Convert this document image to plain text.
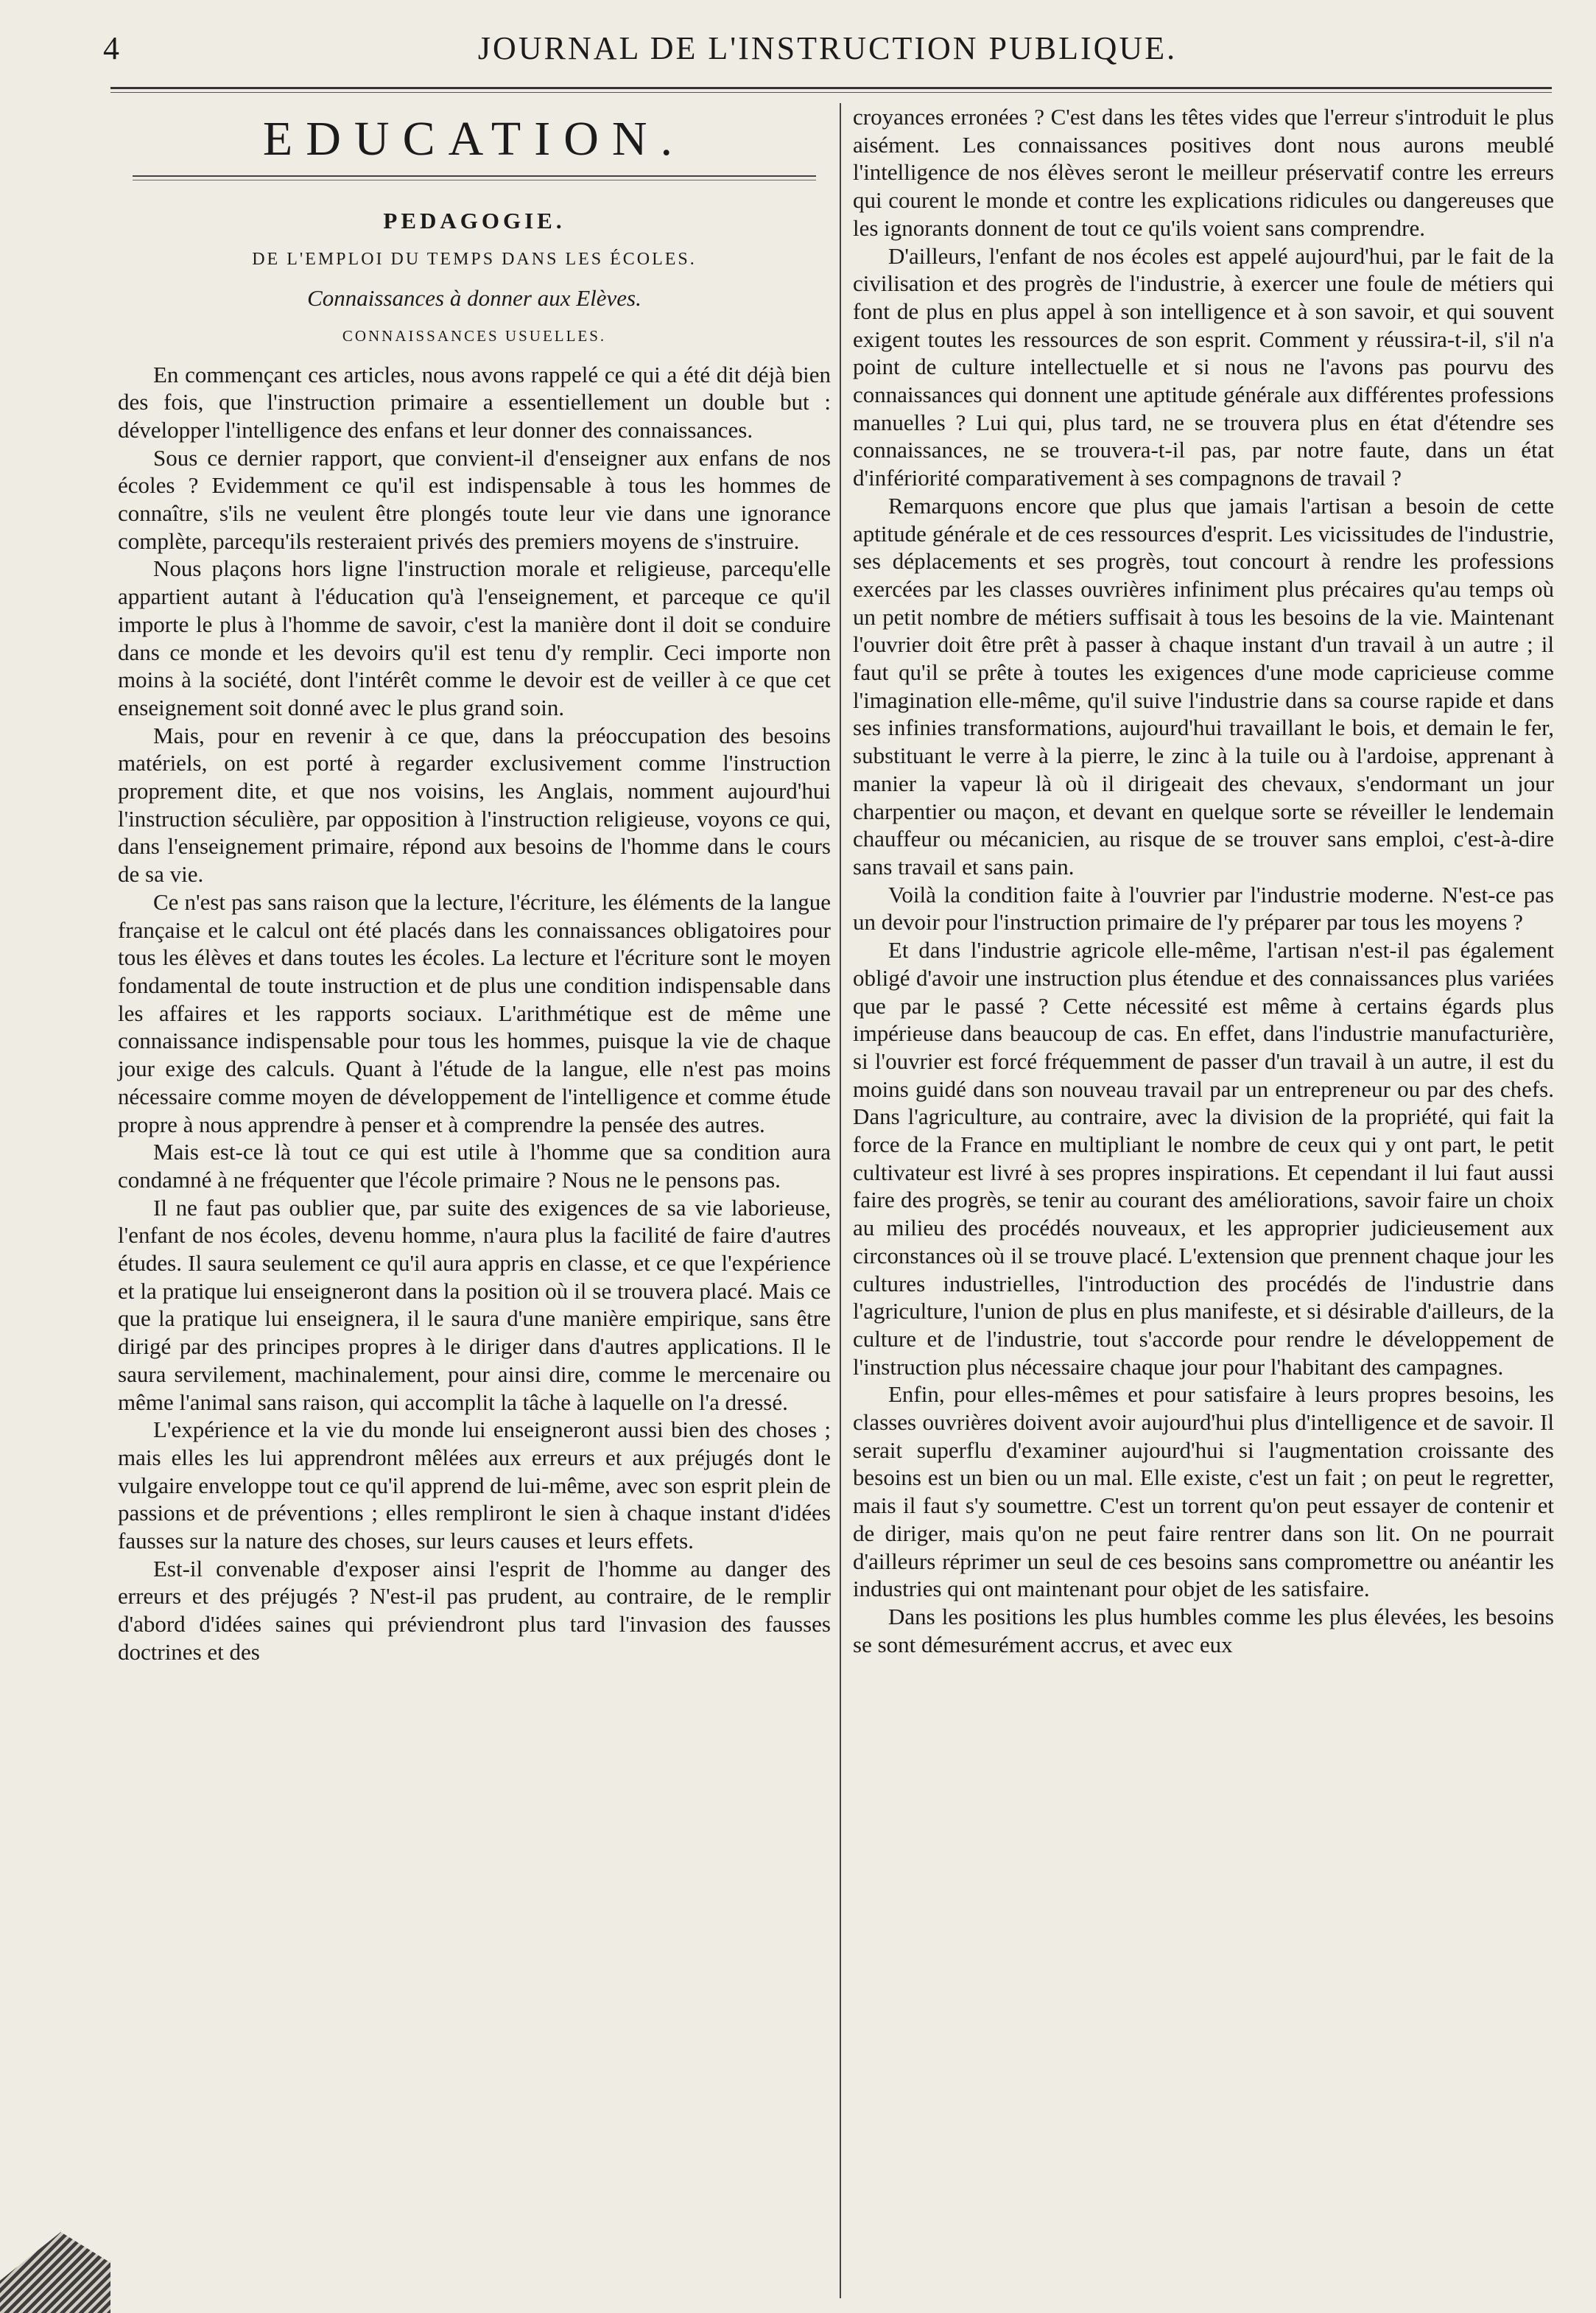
4	JOURNAL DE L'INSTRUCTION PUBLIQUE.
EDUCATION.
PEDAGOGIE.
DE L'EMPLOI DU TEMPS DANS LES ÉCOLES.
Connaissances à donner aux Elèves.
CONNAISSANCES USUELLES.

En commençant ces articles, nous avons rappelé ce qui a été dit déjà bien des fois, que l'instruction primaire a essentiellement un double but : développer l'intelligence des enfans et leur donner des connaissances.

Sous ce dernier rapport, que convient-il d'enseigner aux enfans de nos écoles ? Evidemment ce qu'il est indispensable à tous les hommes de connaître, s'ils ne veulent être plongés toute leur vie dans une ignorance complète, parcequ'ils resteraient privés des premiers moyens de s'instruire.

Nous plaçons hors ligne l'instruction morale et religieuse, parcequ'elle appartient autant à l'éducation qu'à l'enseignement, et parceque ce qu'il importe le plus à l'homme de savoir, c'est la manière dont il doit se conduire dans ce monde et les devoirs qu'il est tenu d'y remplir. Ceci importe non moins à la société, dont l'intérêt comme le devoir est de veiller à ce que cet enseignement soit donné avec le plus grand soin.

Mais, pour en revenir à ce que, dans la préoccupation des besoins matériels, on est porté à regarder exclusivement comme l'instruction proprement dite, et que nos voisins, les Anglais, nomment aujourd'hui l'instruction séculière, par opposition à l'instruction religieuse, voyons ce qui, dans l'enseignement primaire, répond aux besoins de l'homme dans le cours de sa vie.

Ce n'est pas sans raison que la lecture, l'écriture, les éléments de la langue française et le calcul ont été placés dans les connaissances obligatoires pour tous les élèves et dans toutes les écoles. La lecture et l'écriture sont le moyen fondamental de toute instruction et de plus une condition indispensable dans les affaires et les rapports sociaux. L'arithmétique est de même une connaissance indispensable pour tous les hommes, puisque la vie de chaque jour exige des calculs. Quant à l'étude de la langue, elle n'est pas moins nécessaire comme moyen de développement de l'intelligence et comme étude propre à nous apprendre à penser et à comprendre la pensée des autres.

Mais est-ce là tout ce qui est utile à l'homme que sa condition aura condamné à ne fréquenter que l'école primaire ? Nous ne le pensons pas.

Il ne faut pas oublier que, par suite des exigences de sa vie laborieuse, l'enfant de nos écoles, devenu homme, n'aura plus la facilité de faire d'autres études. Il saura seulement ce qu'il aura appris en classe, et ce que l'expérience et la pratique lui enseigneront dans la position où il se trouvera placé. Mais ce que la pratique lui enseignera, il le saura d'une manière empirique, sans être dirigé par des principes propres à le diriger dans d'autres applications. Il le saura servilement, machinalement, pour ainsi dire, comme le mercenaire ou même l'animal sans raison, qui accomplit la tâche à laquelle on l'a dressé.

L'expérience et la vie du monde lui enseigneront aussi bien des choses ; mais elles les lui apprendront mêlées aux erreurs et aux préjugés dont le vulgaire enveloppe tout ce qu'il apprend de lui-même, avec son esprit plein de passions et de préventions ; elles rempliront le sien à chaque instant d'idées fausses sur la nature des choses, sur leurs causes et leurs effets.

Est-il convenable d'exposer ainsi l'esprit de l'homme au danger des erreurs et des préjugés ? N'est-il pas prudent, au contraire, de le remplir d'abord d'idées saines qui préviendront plus tard l'invasion des fausses doctrines et des

croyances erronées ? C'est dans les têtes vides que l'erreur s'introduit le plus aisément. Les connaissances positives dont nous aurons meublé l'intelligence de nos élèves seront le meilleur préservatif contre les erreurs qui courent le monde et contre les explications ridicules ou dangereuses que les ignorants donnent de tout ce qu'ils voient sans comprendre.

D'ailleurs, l'enfant de nos écoles est appelé aujourd'hui, par le fait de la civilisation et des progrès de l'industrie, à exercer une foule de métiers qui font de plus en plus appel à son intelligence et à son savoir, et qui souvent exigent toutes les ressources de son esprit. Comment y réussira-t-il, s'il n'a point de culture intellectuelle et si nous ne l'avons pas pourvu des connaissances qui donnent une aptitude générale aux différentes professions manuelles ? Lui qui, plus tard, ne se trouvera plus en état d'étendre ses connaissances, ne se trouvera-t-il pas, par notre faute, dans un état d'infériorité comparativement à ses compagnons de travail ?

Remarquons encore que plus que jamais l'artisan a besoin de cette aptitude générale et de ces ressources d'esprit. Les vicissitudes de l'industrie, ses déplacements et ses progrès, tout concourt à rendre les professions exercées par les classes ouvrières infiniment plus précaires qu'au temps où un petit nombre de métiers suffisait à tous les besoins de la vie. Maintenant l'ouvrier doit être prêt à passer à chaque instant d'un travail à un autre ; il faut qu'il se prête à toutes les exigences d'une mode capricieuse comme l'imagination elle-même, qu'il suive l'industrie dans sa course rapide et dans ses infinies transformations, aujourd'hui travaillant le bois, et demain le fer, substituant le verre à la pierre, le zinc à la tuile ou à l'ardoise, apprenant à manier la vapeur là où il dirigeait des chevaux, s'endormant un jour charpentier ou maçon, et devant en quelque sorte se réveiller le lendemain chauffeur ou mécanicien, au risque de se trouver sans emploi, c'est-à-dire sans travail et sans pain.

Voilà la condition faite à l'ouvrier par l'industrie moderne. N'est-ce pas un devoir pour l'instruction primaire de l'y préparer par tous les moyens ?

Et dans l'industrie agricole elle-même, l'artisan n'est-il pas également obligé d'avoir une instruction plus étendue et des connaissances plus variées que par le passé ? Cette nécessité est même à certains égards plus impérieuse dans beaucoup de cas. En effet, dans l'industrie manufacturière, si l'ouvrier est forcé fréquemment de passer d'un travail à un autre, il est du moins guidé dans son nouveau travail par un entrepreneur ou par des chefs. Dans l'agriculture, au contraire, avec la division de la propriété, qui fait la force de la France en multipliant le nombre de ceux qui y ont part, le petit cultivateur est livré à ses propres inspirations. Et cependant il lui faut aussi faire des progrès, se tenir au courant des améliorations, savoir faire un choix au milieu des procédés nouveaux, et les approprier judicieusement aux circonstances où il se trouve placé. L'extension que prennent chaque jour les cultures industrielles, l'introduction des procédés de l'industrie dans l'agriculture, l'union de plus en plus manifeste, et si désirable d'ailleurs, de la culture et de l'industrie, tout s'accorde pour rendre le développement de l'instruction plus nécessaire chaque jour pour l'habitant des campagnes.

Enfin, pour elles-mêmes et pour satisfaire à leurs propres besoins, les classes ouvrières doivent avoir aujourd'hui plus d'intelligence et de savoir. Il serait superflu d'examiner aujourd'hui si l'augmentation croissante des besoins est un bien ou un mal. Elle existe, c'est un fait ; on peut le regretter, mais il faut s'y soumettre. C'est un torrent qu'on peut essayer de contenir et de diriger, mais qu'on ne peut faire rentrer dans son lit. On ne pourrait d'ailleurs réprimer un seul de ces besoins sans compromettre ou anéantir les industries qui ont maintenant pour objet de les satisfaire.

Dans les positions les plus humbles comme les plus élevées, les besoins se sont démesurément accrus, et avec eux
